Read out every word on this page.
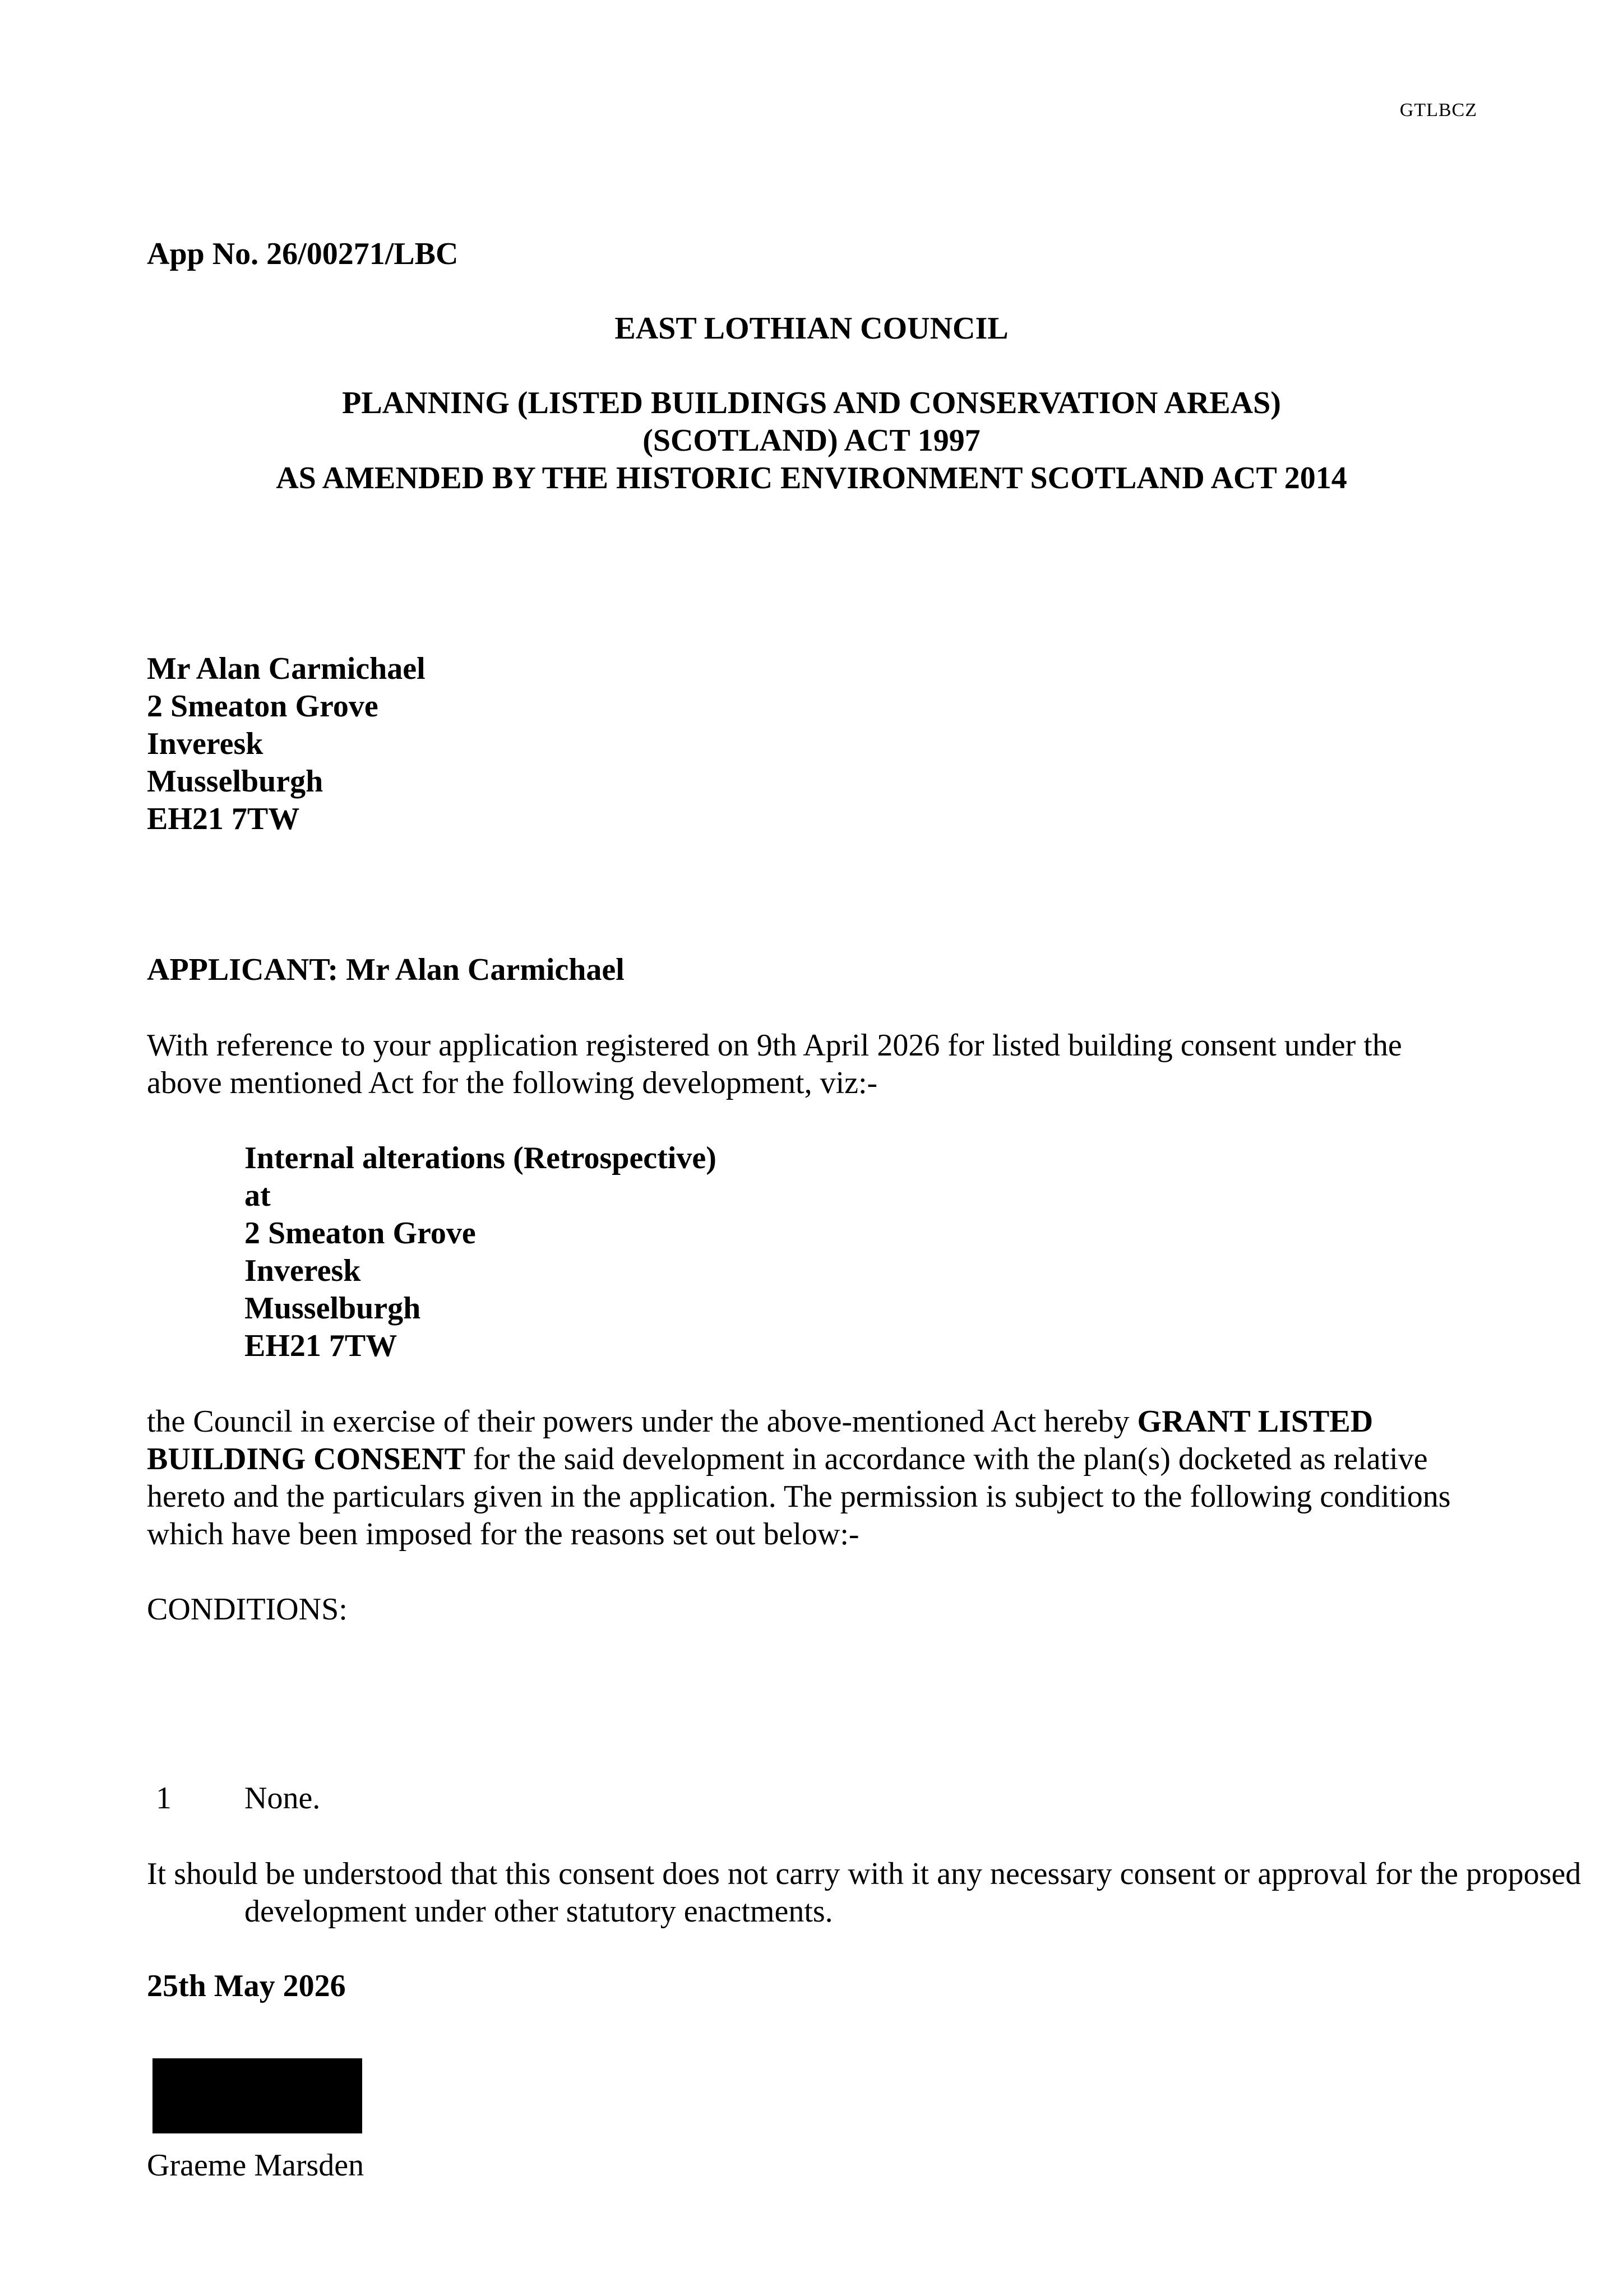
GTLBCZ
App No. 26/00271/LBC
EAST LOTHIAN COUNCIL
PLANNING (LISTED BUILDINGS AND CONSERVATION AREAS)
(SCOTLAND) ACT 1997
AS AMENDED BY THE HISTORIC ENVIRONMENT SCOTLAND ACT 2014
Mr Alan Carmichael
2 Smeaton Grove
Inveresk
Musselburgh
EH21 7TW
APPLICANT: Mr Alan Carmichael
With reference to your application registered on 9th April 2026 for listed building consent under the
above mentioned Act for the following development, viz:-
Internal alterations (Retrospective)
at
2 Smeaton Grove
Inveresk
Musselburgh
EH21 7TW
the Council in exercise of their powers under the above-mentioned Act hereby GRANT LISTED BUILDING CONSENT for the said development in accordance with the plan(s) docketed as relative hereto and the particulars given in the application. The permission is subject to the following conditions which have been imposed for the reasons set out below:-
CONDITIONS:
1 None.
It should be understood that this consent does not carry with it any necessary consent or approval for the proposed development under other statutory enactments.
25th May 2026
Graeme Marsden
